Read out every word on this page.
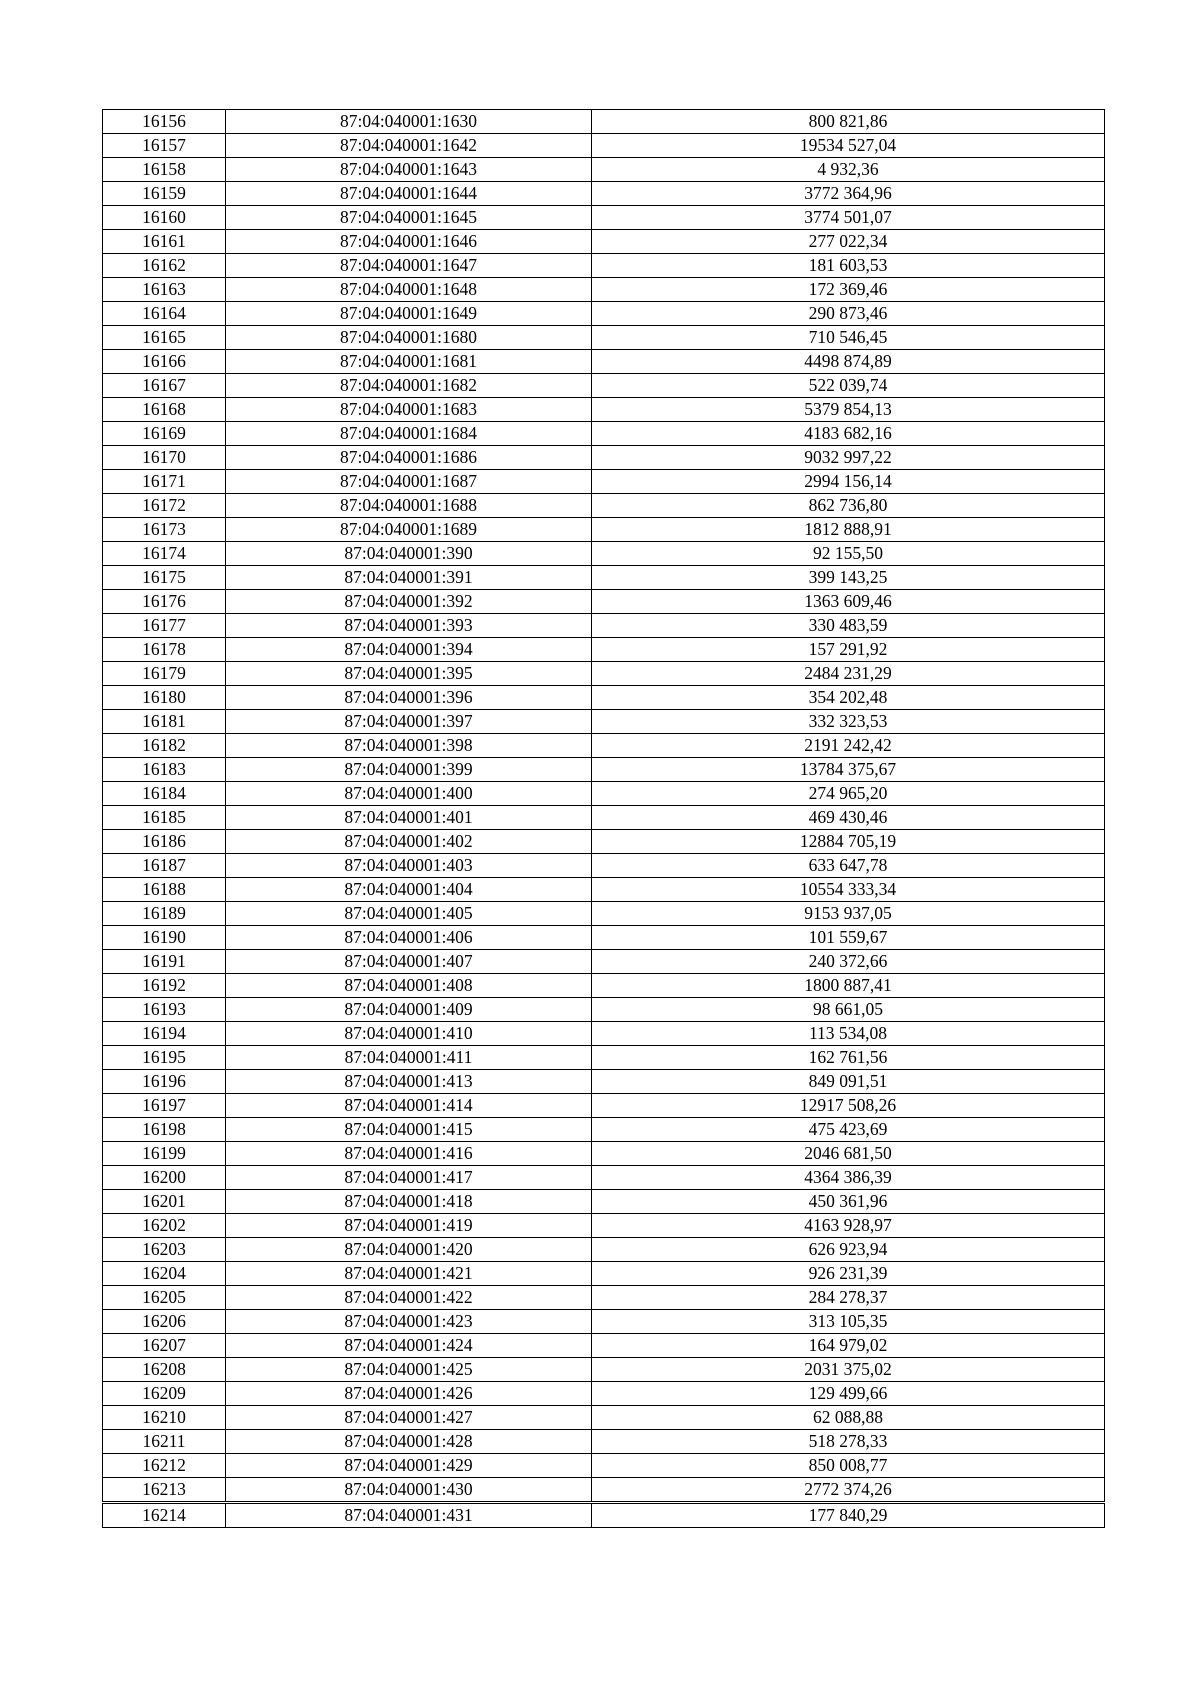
16156	87:04:040001:1630	800 821,86
16157	87:04:040001:1642	19534 527,04
16158	87:04:040001:1643	4 932,36
16159	87:04:040001:1644	3772 364,96
16160	87:04:040001:1645	3774 501,07
16161	87:04:040001:1646	277 022,34
16162	87:04:040001:1647	181 603,53
16163	87:04:040001:1648	172 369,46
16164	87:04:040001:1649	290 873,46
16165	87:04:040001:1680	710 546,45
16166	87:04:040001:1681	4498 874,89
16167	87:04:040001:1682	522 039,74
16168	87:04:040001:1683	5379 854,13
16169	87:04:040001:1684	4183 682,16
16170	87:04:040001:1686	9032 997,22
16171	87:04:040001:1687	2994 156,14
16172	87:04:040001:1688	862 736,80
16173	87:04:040001:1689	1812 888,91
16174	87:04:040001:390	92 155,50
16175	87:04:040001:391	399 143,25
16176	87:04:040001:392	1363 609,46
16177	87:04:040001:393	330 483,59
16178	87:04:040001:394	157 291,92
16179	87:04:040001:395	2484 231,29
16180	87:04:040001:396	354 202,48
16181	87:04:040001:397	332 323,53
16182	87:04:040001:398	2191 242,42
16183	87:04:040001:399	13784 375,67
16184	87:04:040001:400	274 965,20
16185	87:04:040001:401	469 430,46
16186	87:04:040001:402	12884 705,19
16187	87:04:040001:403	633 647,78
16188	87:04:040001:404	10554 333,34
16189	87:04:040001:405	9153 937,05
16190	87:04:040001:406	101 559,67
16191	87:04:040001:407	240 372,66
16192	87:04:040001:408	1800 887,41
16193	87:04:040001:409	98 661,05
16194	87:04:040001:410	113 534,08
16195	87:04:040001:411	162 761,56
16196	87:04:040001:413	849 091,51
16197	87:04:040001:414	12917 508,26
16198	87:04:040001:415	475 423,69
16199	87:04:040001:416	2046 681,50
16200	87:04:040001:417	4364 386,39
16201	87:04:040001:418	450 361,96
16202	87:04:040001:419	4163 928,97
16203	87:04:040001:420	626 923,94
16204	87:04:040001:421	926 231,39
16205	87:04:040001:422	284 278,37
16206	87:04:040001:423	313 105,35
16207	87:04:040001:424	164 979,02
16208	87:04:040001:425	2031 375,02
16209	87:04:040001:426	129 499,66
16210	87:04:040001:427	62 088,88
16211	87:04:040001:428	518 278,33
16212	87:04:040001:429	850 008,77
16213	87:04:040001:430	2772 374,26
16214	87:04:040001:431	177 840,29
